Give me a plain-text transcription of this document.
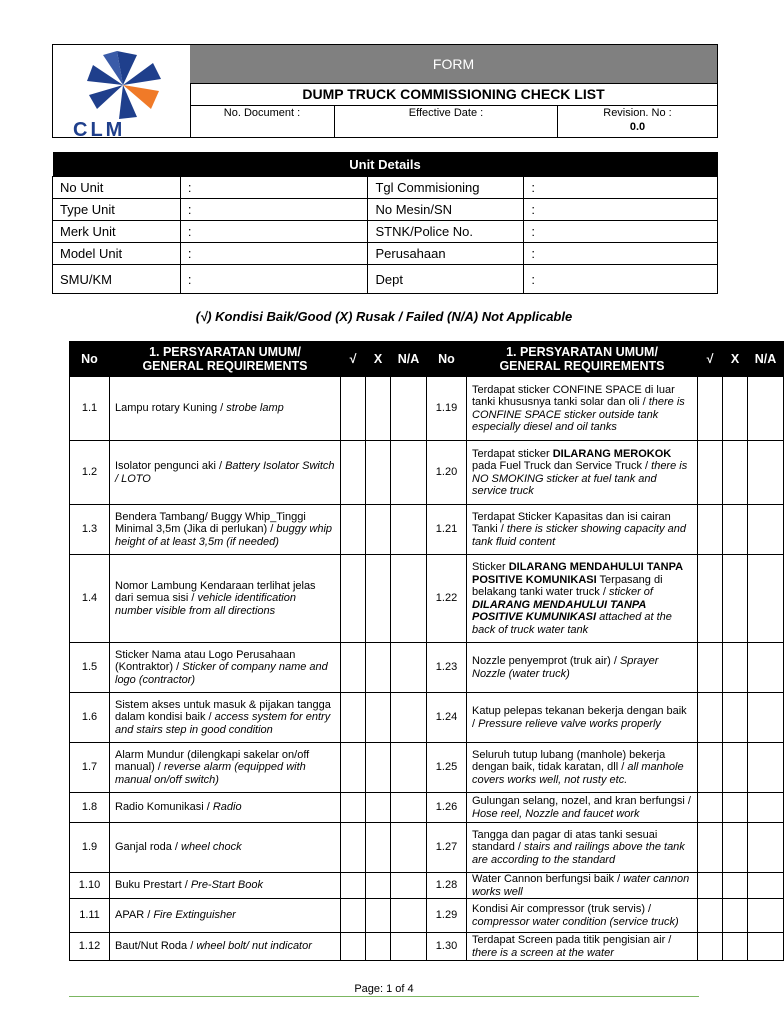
CLM
FORM
DUMP TRUCK COMMISSIONING CHECK LIST
No. Document :	Effective Date :	Revision. No :
0.0
Unit Details			
No Unit	:	Tgl Commisioning	:
Type Unit	:	No Mesin/SN	:
Merk Unit	:	STNK/Police No.	:
Model Unit	:	Perusahaan	:
SMU/KM	:	Dept	:
(√) Kondisi Baik/Good (X) Rusak / Failed (N/A) Not Applicable
No	1. PERSYARATAN UMUM/
GENERAL REQUIREMENTS	√	X	N/A	No	1. PERSYARATAN UMUM/
GENERAL REQUIREMENTS	√	X	N/A
1.1	Lampu rotary Kuning / strobe lamp				1.19	Terdapat sticker CONFINE SPACE di luar tanki khususnya tanki solar dan oli / there is CONFINE SPACE sticker outside tank especially diesel and oil tanks			
1.2	Isolator pengunci aki / Battery Isolator Switch / LOTO				1.20	Terdapat sticker DILARANG MEROKOK pada Fuel Truck dan Service Truck / there is NO SMOKING sticker at fuel tank and service truck			
1.3	Bendera Tambang/ Buggy Whip_Tinggi Minimal 3,5m (Jika di perlukan) / buggy whip height of at least 3,5m (if needed)				1.21	Terdapat Sticker Kapasitas dan isi cairan Tanki / there is sticker showing capacity and tank fluid content			
1.4	Nomor Lambung Kendaraan terlihat jelas dari semua sisi / vehicle identification number visible from all directions				1.22	Sticker DILARANG MENDAHULUI TANPA POSITIVE KOMUNIKASI Terpasang di belakang tanki water truck / sticker of DILARANG MENDAHULUI TANPA POSITIVE KUMUNIKASI attached at the back of truck water tank			
1.5	Sticker Nama atau Logo Perusahaan (Kontraktor) / Sticker of company name and logo (contractor)				1.23	Nozzle penyemprot (truk air) / Sprayer Nozzle (water truck)			
1.6	Sistem akses untuk masuk & pijakan tangga dalam kondisi baik / access system for entry and stairs step in good condition				1.24	Katup pelepas tekanan bekerja dengan baik / Pressure relieve valve works properly			
1.7	Alarm Mundur (dilengkapi sakelar on/off manual) / reverse alarm (equipped with manual on/off switch)				1.25	Seluruh tutup lubang (manhole) bekerja dengan baik, tidak karatan, dll / all manhole covers works well, not rusty etc.			
1.8	Radio Komunikasi / Radio				1.26	Gulungan selang, nozel, and kran berfungsi / Hose reel, Nozzle and faucet work			
1.9	Ganjal roda / wheel chock				1.27	Tangga dan pagar di atas tanki sesuai standard / stairs and railings above the tank are according to the standard			
1.10	Buku Prestart / Pre-Start Book				1.28	Water Cannon berfungsi baik / water cannon works well			
1.11	APAR / Fire Extinguisher				1.29	Kondisi Air compressor (truk servis) / compressor water condition (service truck)			
1.12	Baut/Nut Roda / wheel bolt/ nut indicator				1.30	Terdapat Screen pada titik pengisian air / there is a screen at the water			
Page: 1 of 4
